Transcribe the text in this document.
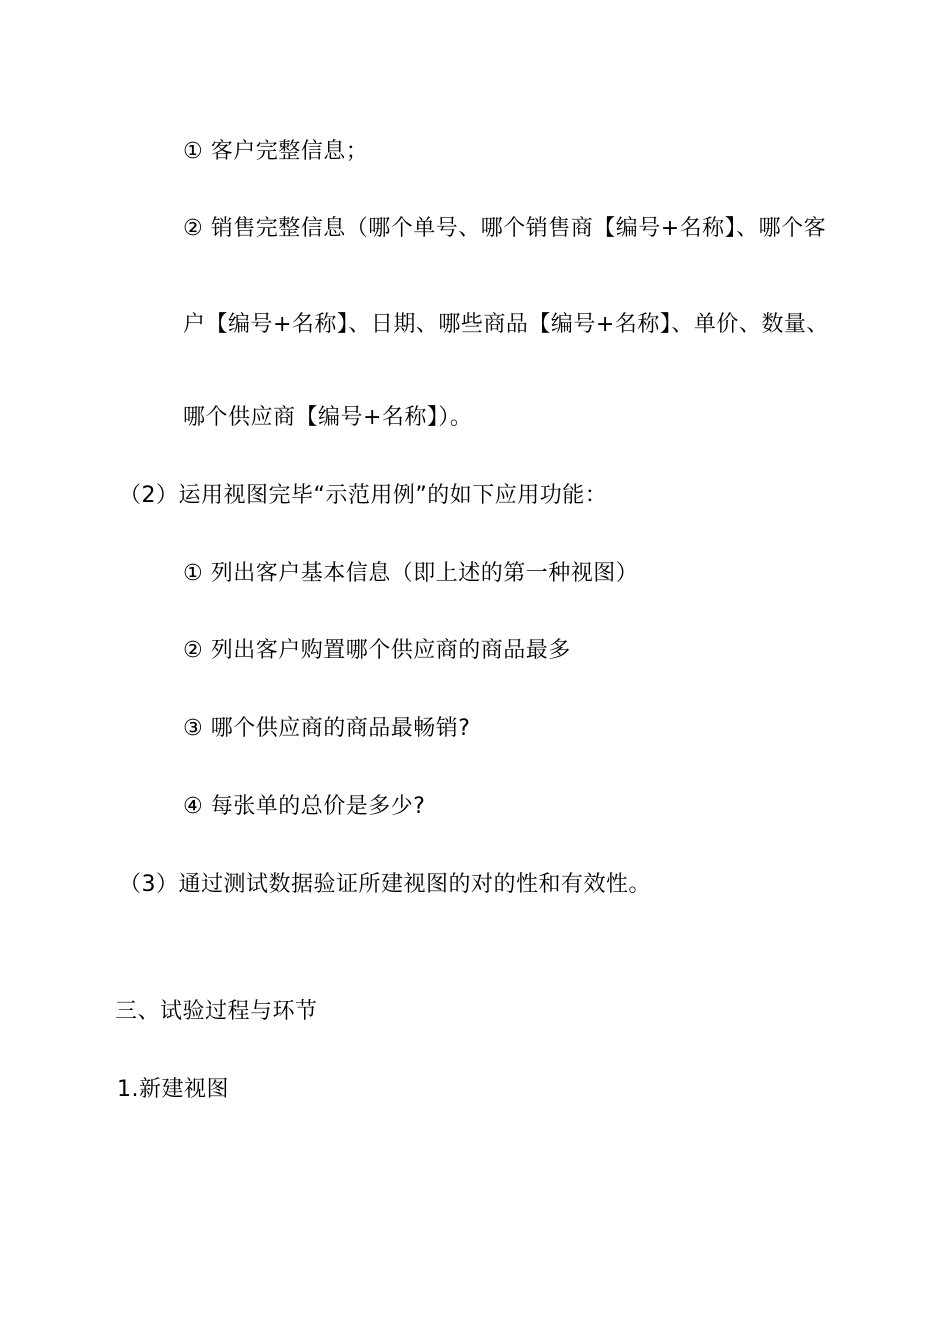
① 客户完整信息；
② 销售完整信息（哪个单号、哪个销售商【编号+名称】、哪个客
户【编号+名称】、日期、哪些商品【编号+名称】、单价、数量、
哪个供应商【编号+名称】）。
（2）运用视图完毕“示范用例”的如下应用功能：
① 列出客户基本信息（即上述的第一种视图）
② 列出客户购置哪个供应商的商品最多
③ 哪个供应商的商品最畅销?
④ 每张单的总价是多少?
（3）通过测试数据验证所建视图的对的性和有效性。
三、试验过程与环节
1.新建视图
